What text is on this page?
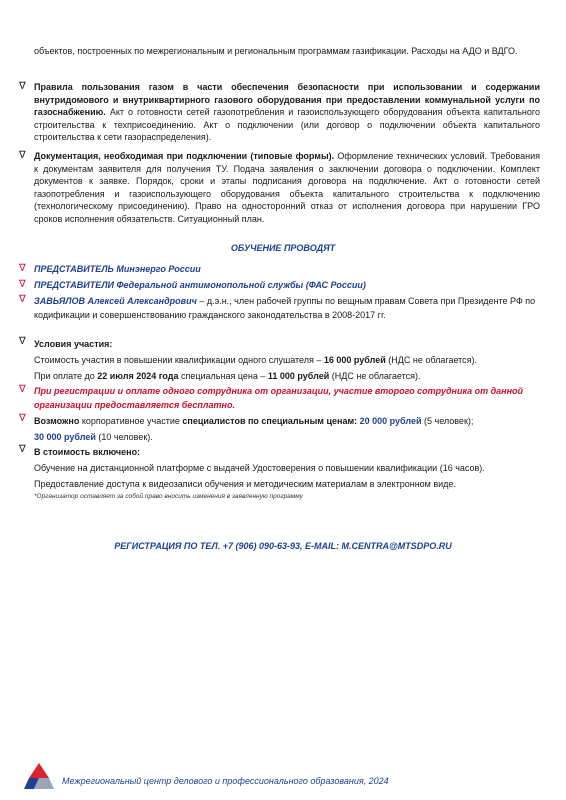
объектов, построенных по межрегиональным и региональным программам газификации. Расходы на АДО и ВДГО.
∇ Правила пользования газом в части обеспечения безопасности при использовании и содержании внутридомового и внутриквартирного газового оборудования при предоставлении коммунальной услуги по газоснабжению. Акт о готовности сетей газопотребления и газоиспользующего оборудования объекта капитального строительства к техприсоединению. Акт о подключении (или договор о подключении объекта капитального строительства к сети газораспределения).
∇ Документация, необходимая при подключении (типовые формы). Оформление технических условий. Требования к документам заявителя для получения ТУ. Подача заявления о заключении договора о подключении. Комплект документов к заявке. Порядок, сроки и этапы подписания договора на подключение. Акт о готовности сетей газопотребления и газоиспользующего оборудования объекта капитального строительства к подключению (технологическому присоединению). Право на односторонний отказ от исполнения договора при нарушении ГРО сроков исполнения обязательств. Ситуационный план.
ОБУЧЕНИЕ ПРОВОДЯТ
∇ ПРЕДСТАВИТЕЛЬ Минэнерго России
∇ ПРЕДСТАВИТЕЛИ Федеральной антимонопольной службы (ФАС России)
∇ ЗАВЬЯЛОВ Алексей Александрович – д.э.н., член рабочей группы по вещным правам Совета при Президенте РФ по кодификации и совершенствованию гражданского законодательства в 2008-2017 гг.
∇ Условия участия:
Стоимость участия в повышении квалификации одного слушателя – 16 000 рублей (НДС не облагается).
При оплате до 22 июля 2024 года специальная цена – 11 000 рублей (НДС не облагается).
∇ При регистрации и оплате одного сотрудника от организации, участие второго сотрудника от данной организации предоставляется бесплатно.
∇ Возможно корпоративное участие специалистов по специальным ценам: 20 000 рублей (5 человек);
30 000 рублей (10 человек).
∇ В стоимость включено:
Обучение на дистанционной платформе с выдачей Удостоверения о повышении квалификации (16 часов).
Предоставление доступа к видеозаписи обучения и методическим материалам в электронном виде.
*Организатор оставляет за собой право вносить изменения в заявленную программу
РЕГИСТРАЦИЯ ПО ТЕЛ. +7 (906) 090-63-93, E-MAIL: M.CENTRA@MTSDPO.RU
Межрегиональный центр делового и профессионального образования, 2024
